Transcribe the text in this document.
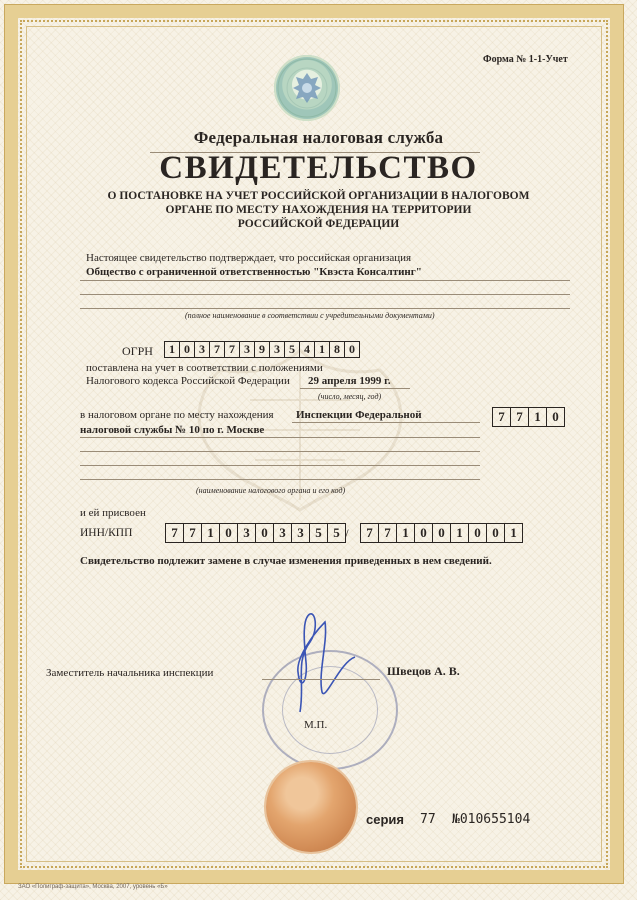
Форма № 1-1-Учет
Федеральная налоговая служба
СВИДЕТЕЛЬСТВО
О ПОСТАНОВКЕ НА УЧЕТ РОССИЙСКОЙ ОРГАНИЗАЦИИ В НАЛОГОВОМ
ОРГАНЕ ПО МЕСТУ НАХОЖДЕНИЯ НА ТЕРРИТОРИИ
РОССИЙСКОЙ ФЕДЕРАЦИИ
Настоящее свидетельство подтверждает, что российская организация
Общество с ограниченной ответственностью "Квэста Консалтинг"
(полное наименование в соответствии с учредительными документами)
ОГРН	1 0 3 7 7 3 9 3 5 4 1 8 0
поставлена на учет в соответствии с положениями
Налогового кодекса Российской Федерации 29 апреля 1999 г.
(число, месяц, год)
в налоговом органе по месту нахождения Инспекции Федеральной
налоговой службы № 10 по г. Москве
7 7 1 0
(наименование налогового органа и его код)
и ей присвоен
ИНН/КПП	7 7 1 0 3 0 3 3 5 5 /	7 7 1 0 0 1 0 0 1
Свидетельство подлежит замене в случае изменения приведенных в нем сведений.
Заместитель начальника инспекции	Швецов А. В.
М.П.
серия 77 №010655104
ЗАО «Полиграф-защита», Москва, 2007, уровень «Б»
